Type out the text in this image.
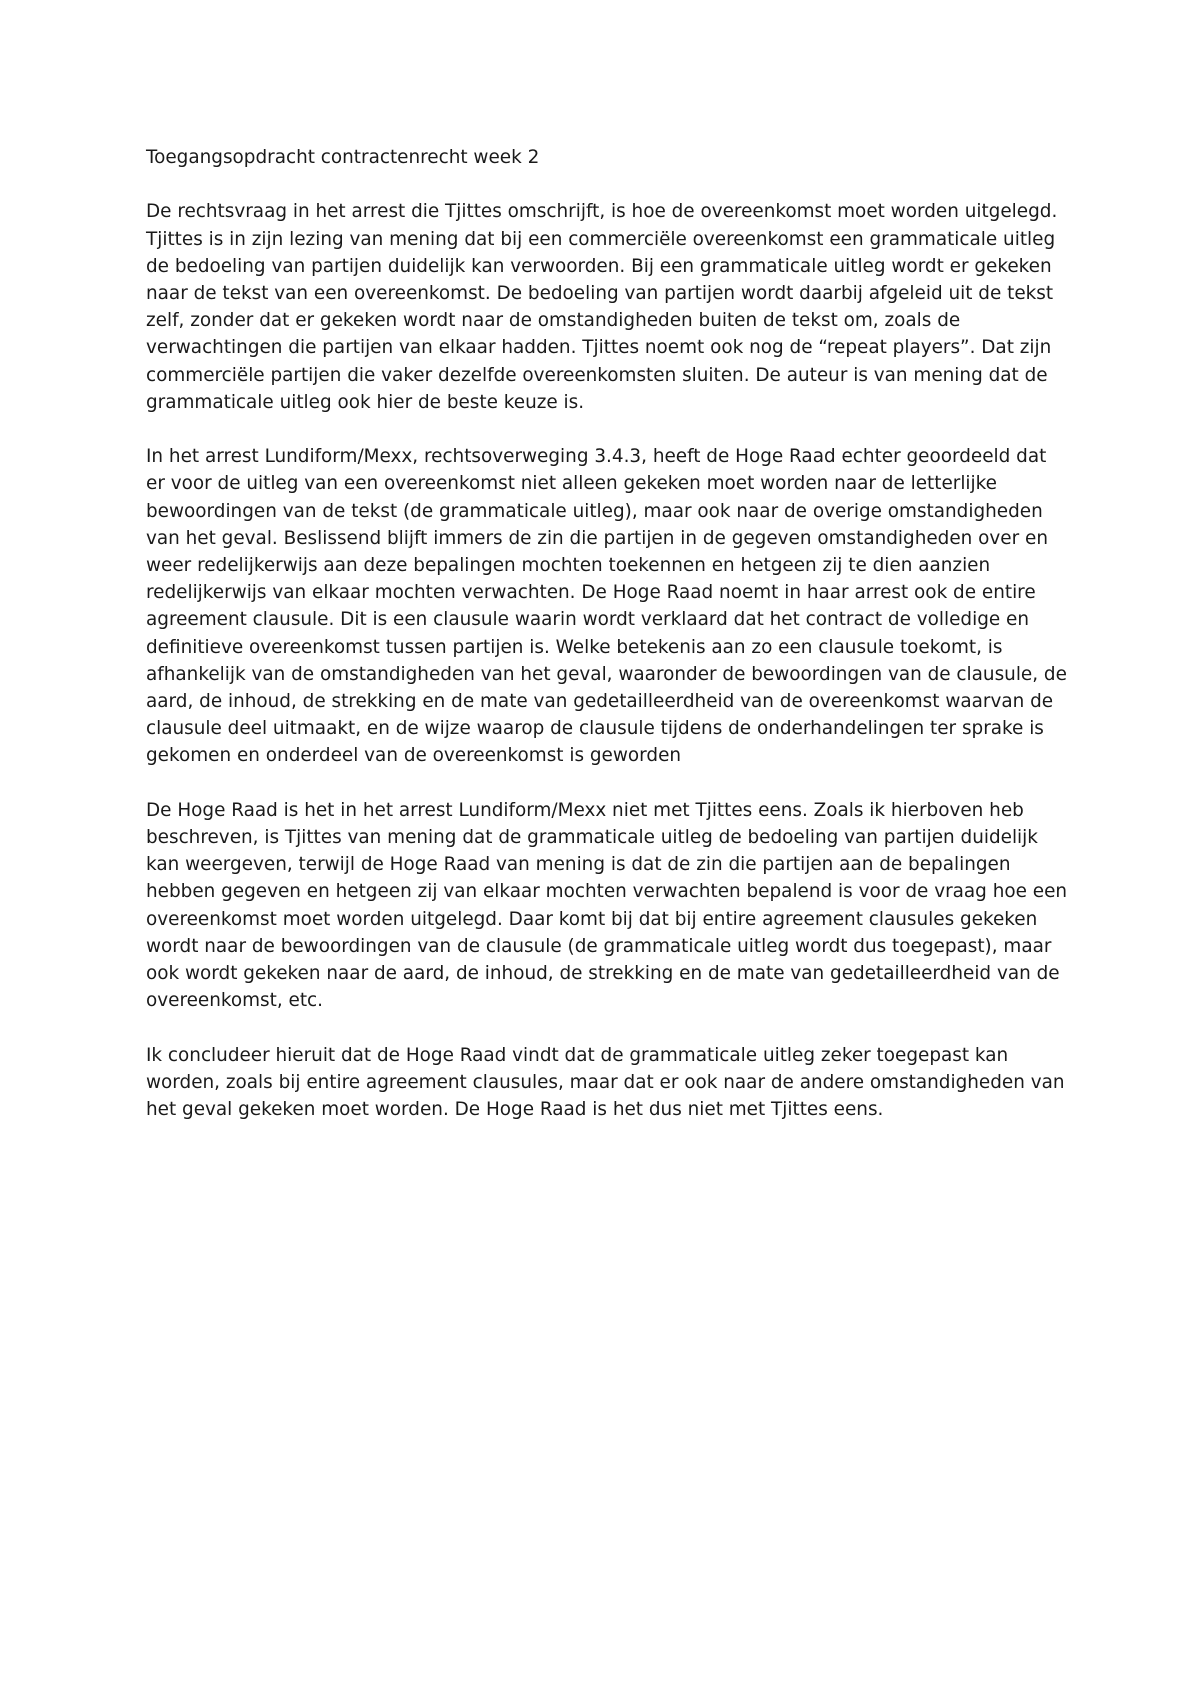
Toegangsopdracht contractenrecht week 2

De rechtsvraag in het arrest die Tjittes omschrijft, is hoe de overeenkomst moet worden uitgelegd. Tjittes is in zijn lezing van mening dat bij een commerciële overeenkomst een grammaticale uitleg de bedoeling van partijen duidelijk kan verwoorden. Bij een grammaticale uitleg wordt er gekeken naar de tekst van een overeenkomst. De bedoeling van partijen wordt daarbij afgeleid uit de tekst zelf, zonder dat er gekeken wordt naar de omstandigheden buiten de tekst om, zoals de verwachtingen die partijen van elkaar hadden. Tjittes noemt ook nog de “repeat players”. Dat zijn commerciële partijen die vaker dezelfde overeenkomsten sluiten. De auteur is van mening dat de grammaticale uitleg ook hier de beste keuze is.

In het arrest Lundiform/Mexx, rechtsoverweging 3.4.3, heeft de Hoge Raad echter geoordeeld dat er voor de uitleg van een overeenkomst niet alleen gekeken moet worden naar de letterlijke bewoordingen van de tekst (de grammaticale uitleg), maar ook naar de overige omstandigheden van het geval. Beslissend blijft immers de zin die partijen in de gegeven omstandigheden over en weer redelijkerwijs aan deze bepalingen mochten toekennen en hetgeen zij te dien aanzien redelijkerwijs van elkaar mochten verwachten. De Hoge Raad noemt in haar arrest ook de entire agreement clausule. Dit is een clausule waarin wordt verklaard dat het contract de volledige en definitieve overeenkomst tussen partijen is. Welke betekenis aan zo een clausule toekomt, is afhankelijk van de omstandigheden van het geval, waaronder de bewoordingen van de clausule, de aard, de inhoud, de strekking en de mate van gedetailleerdheid van de overeenkomst waarvan de clausule deel uitmaakt, en de wijze waarop de clausule tijdens de onderhandelingen ter sprake is gekomen en onderdeel van de overeenkomst is geworden

De Hoge Raad is het in het arrest Lundiform/Mexx niet met Tjittes eens. Zoals ik hierboven heb beschreven, is Tjittes van mening dat de grammaticale uitleg de bedoeling van partijen duidelijk kan weergeven, terwijl de Hoge Raad van mening is dat de zin die partijen aan de bepalingen hebben gegeven en hetgeen zij van elkaar mochten verwachten bepalend is voor de vraag hoe een overeenkomst moet worden uitgelegd. Daar komt bij dat bij entire agreement clausules gekeken wordt naar de bewoordingen van de clausule (de grammaticale uitleg wordt dus toegepast), maar ook wordt gekeken naar de aard, de inhoud, de strekking en de mate van gedetailleerdheid van de overeenkomst, etc.

Ik concludeer hieruit dat de Hoge Raad vindt dat de grammaticale uitleg zeker toegepast kan worden, zoals bij entire agreement clausules, maar dat er ook naar de andere omstandigheden van het geval gekeken moet worden. De Hoge Raad is het dus niet met Tjittes eens.
